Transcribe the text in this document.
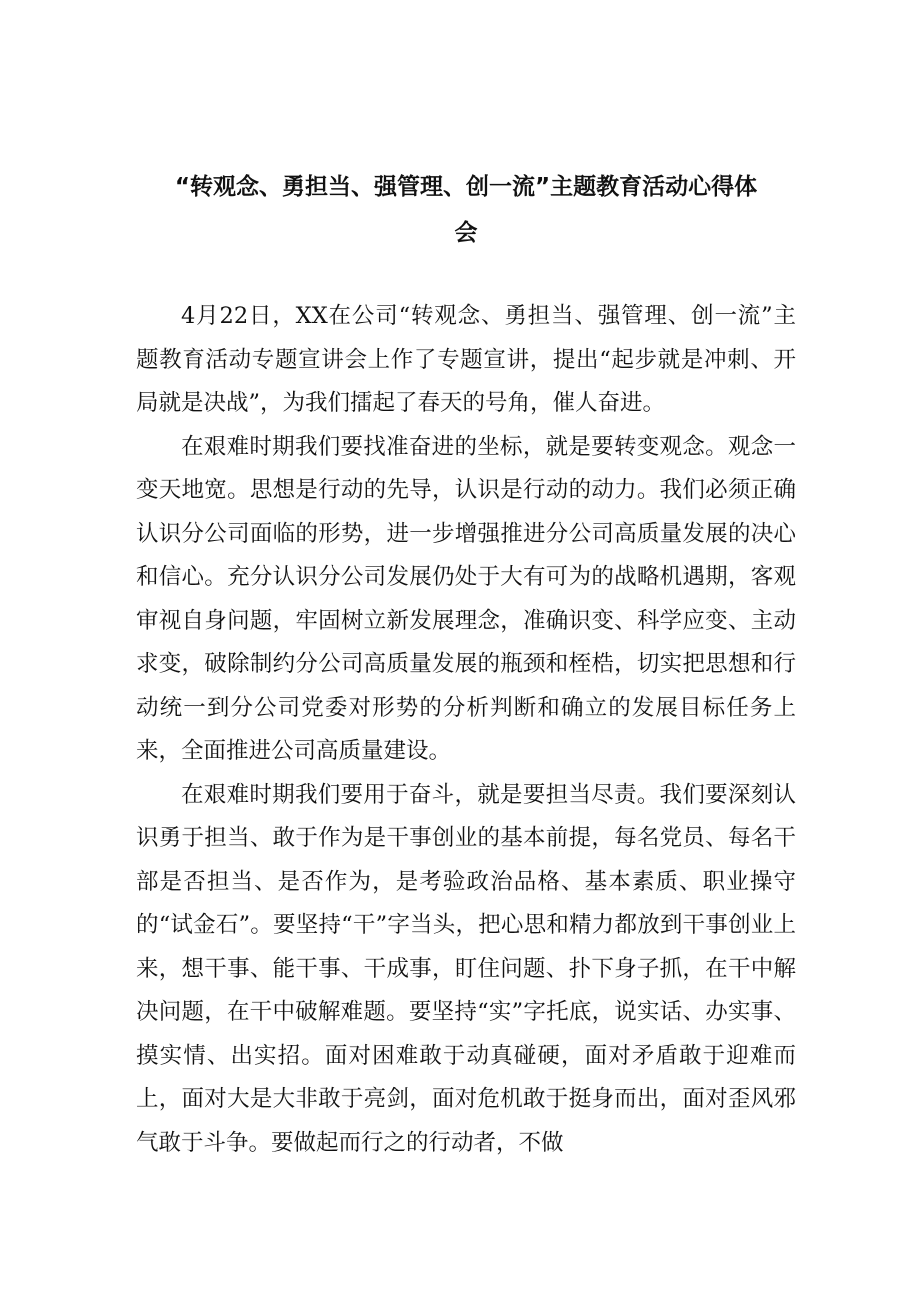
“转观念、勇担当、强管理、创一流”主题教育活动心得体
会

4月22日，XX在公司“转观念、勇担当、强管理、创一流”主题教育活动专题宣讲会上作了专题宣讲，提出“起步就是冲刺、开局就是决战”，为我们擂起了春天的号角，催人奋进。

在艰难时期我们要找准奋进的坐标，就是要转变观念。观念一变天地宽。思想是行动的先导，认识是行动的动力。我们必须正确认识分公司面临的形势，进一步增强推进分公司高质量发展的决心和信心。充分认识分公司发展仍处于大有可为的战略机遇期，客观审视自身问题，牢固树立新发展理念，准确识变、科学应变、主动求变，破除制约分公司高质量发展的瓶颈和桎梏，切实把思想和行动统一到分公司党委对形势的分析判断和确立的发展目标任务上来，全面推进公司高质量建设。

在艰难时期我们要用于奋斗，就是要担当尽责。我们要深刻认识勇于担当、敢于作为是干事创业的基本前提，每名党员、每名干部是否担当、是否作为，是考验政治品格、基本素质、职业操守的“试金石”。要坚持“干”字当头，把心思和精力都放到干事创业上来，想干事、能干事、干成事，盯住问题、扑下身子抓，在干中解决问题，在干中破解难题。要坚持“实”字托底，说实话、办实事、摸实情、出实招。面对困难敢于动真碰硬，面对矛盾敢于迎难而上，面对大是大非敢于亮剑，面对危机敢于挺身而出，面对歪风邪气敢于斗争。要做起而行之的行动者，不做
